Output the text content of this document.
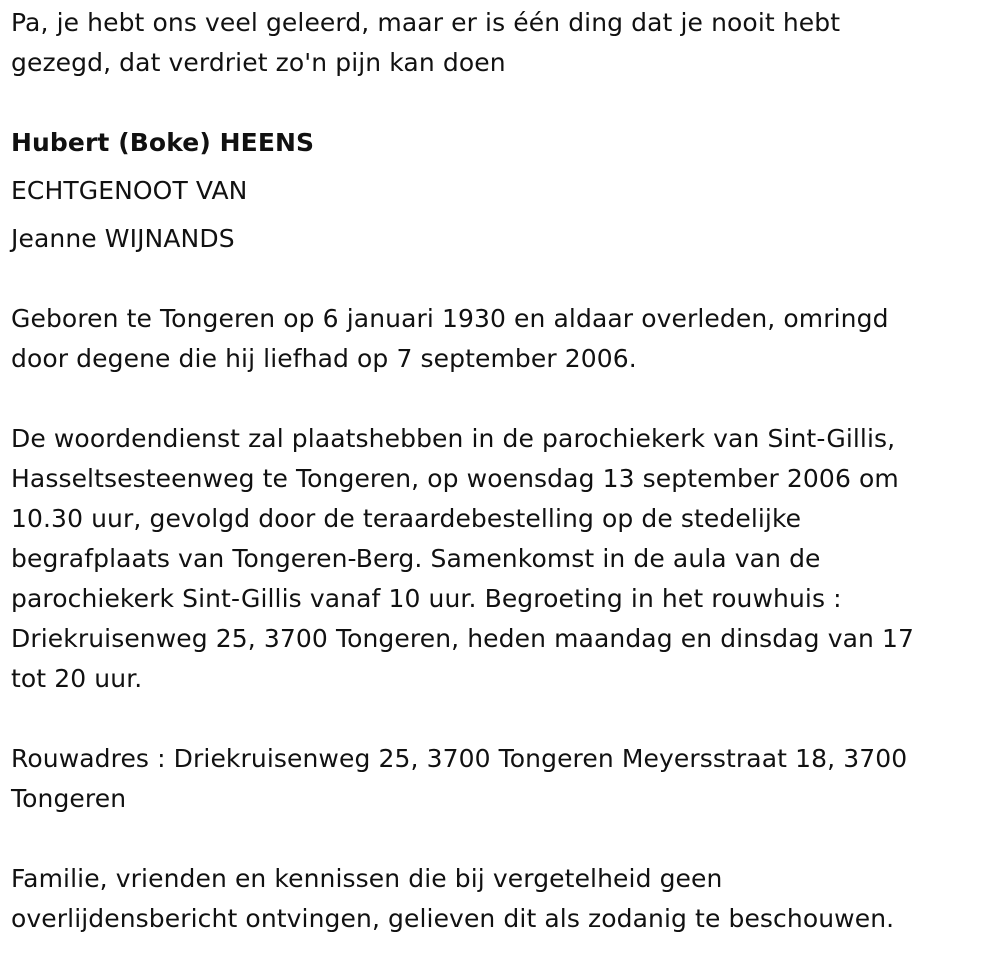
Pa, je hebt ons veel geleerd, maar er is één ding dat je nooit hebt
gezegd, dat verdriet zo'n pijn kan doen

Hubert (Boke) HEENS

ECHTGENOOT VAN

Jeanne WIJNANDS

Geboren te Tongeren op 6 januari 1930 en aldaar overleden, omringd
door degene die hij liefhad op 7 september 2006.

De woordendienst zal plaatshebben in de parochiekerk van Sint-Gillis,
Hasseltsesteenweg te Tongeren, op woensdag 13 september 2006 om
10.30 uur, gevolgd door de teraardebestelling op de stedelijke
begrafplaats van Tongeren-Berg. Samenkomst in de aula van de
parochiekerk Sint-Gillis vanaf 10 uur. Begroeting in het rouwhuis :
Driekruisenweg 25, 3700 Tongeren, heden maandag en dinsdag van 17
tot 20 uur.

Rouwadres : Driekruisenweg 25, 3700 Tongeren Meyersstraat 18, 3700
Tongeren

Familie, vrienden en kennissen die bij vergetelheid geen
overlijdensbericht ontvingen, gelieven dit als zodanig te beschouwen.
